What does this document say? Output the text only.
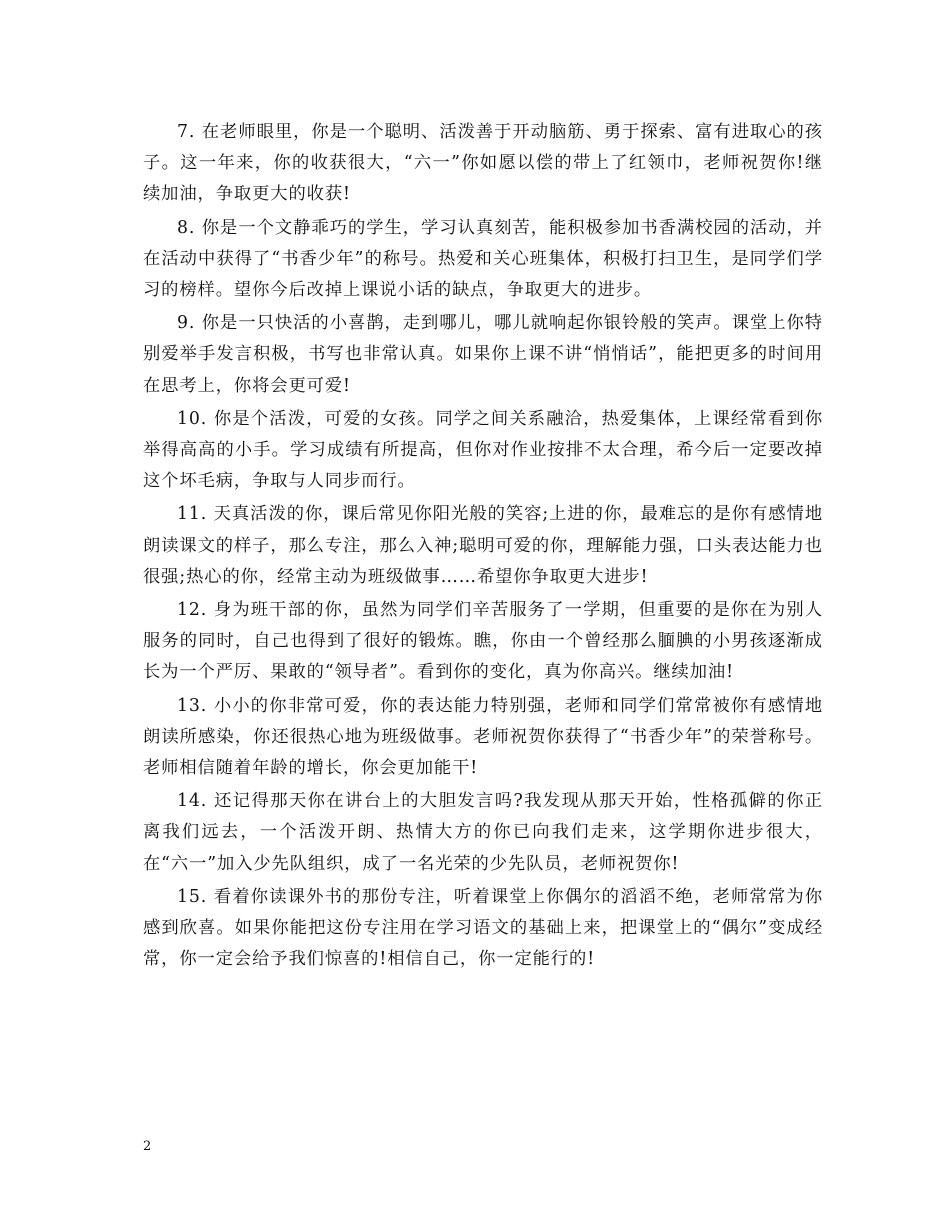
7. 在老师眼里，你是一个聪明、活泼善于开动脑筋、勇于探索、富有进取心的孩子。这一年来，你的收获很大，“六一”你如愿以偿的带上了红领巾，老师祝贺你!继续加油，争取更大的收获!

8. 你是一个文静乖巧的学生，学习认真刻苦，能积极参加书香满校园的活动，并在活动中获得了“书香少年”的称号。热爱和关心班集体，积极打扫卫生，是同学们学习的榜样。望你今后改掉上课说小话的缺点，争取更大的进步。

9. 你是一只快活的小喜鹊，走到哪儿，哪儿就响起你银铃般的笑声。课堂上你特别爱举手发言积极，书写也非常认真。如果你上课不讲“悄悄话”，能把更多的时间用在思考上，你将会更可爱!

10. 你是个活泼，可爱的女孩。同学之间关系融洽，热爱集体，上课经常看到你举得高高的小手。学习成绩有所提高，但你对作业按排不太合理，希今后一定要改掉这个坏毛病，争取与人同步而行。

11. 天真活泼的你，课后常见你阳光般的笑容;上进的你，最难忘的是你有感情地朗读课文的样子，那么专注，那么入神;聪明可爱的你，理解能力强，口头表达能力也很强;热心的你，经常主动为班级做事……希望你争取更大进步!

12. 身为班干部的你，虽然为同学们辛苦服务了一学期，但重要的是你在为别人服务的同时，自己也得到了很好的锻炼。瞧，你由一个曾经那么腼腆的小男孩逐渐成长为一个严厉、果敢的“领导者”。看到你的变化，真为你高兴。继续加油!

13. 小小的你非常可爱，你的表达能力特别强，老师和同学们常常被你有感情地朗读所感染，你还很热心地为班级做事。老师祝贺你获得了“书香少年”的荣誉称号。老师相信随着年龄的增长，你会更加能干!

14. 还记得那天你在讲台上的大胆发言吗?我发现从那天开始，性格孤僻的你正离我们远去，一个活泼开朗、热情大方的你已向我们走来，这学期你进步很大，在“六一”加入少先队组织，成了一名光荣的少先队员，老师祝贺你!

15. 看着你读课外书的那份专注，听着课堂上你偶尔的滔滔不绝，老师常常为你感到欣喜。如果你能把这份专注用在学习语文的基础上来，把课堂上的“偶尔”变成经常，你一定会给予我们惊喜的!相信自己，你一定能行的!

2
